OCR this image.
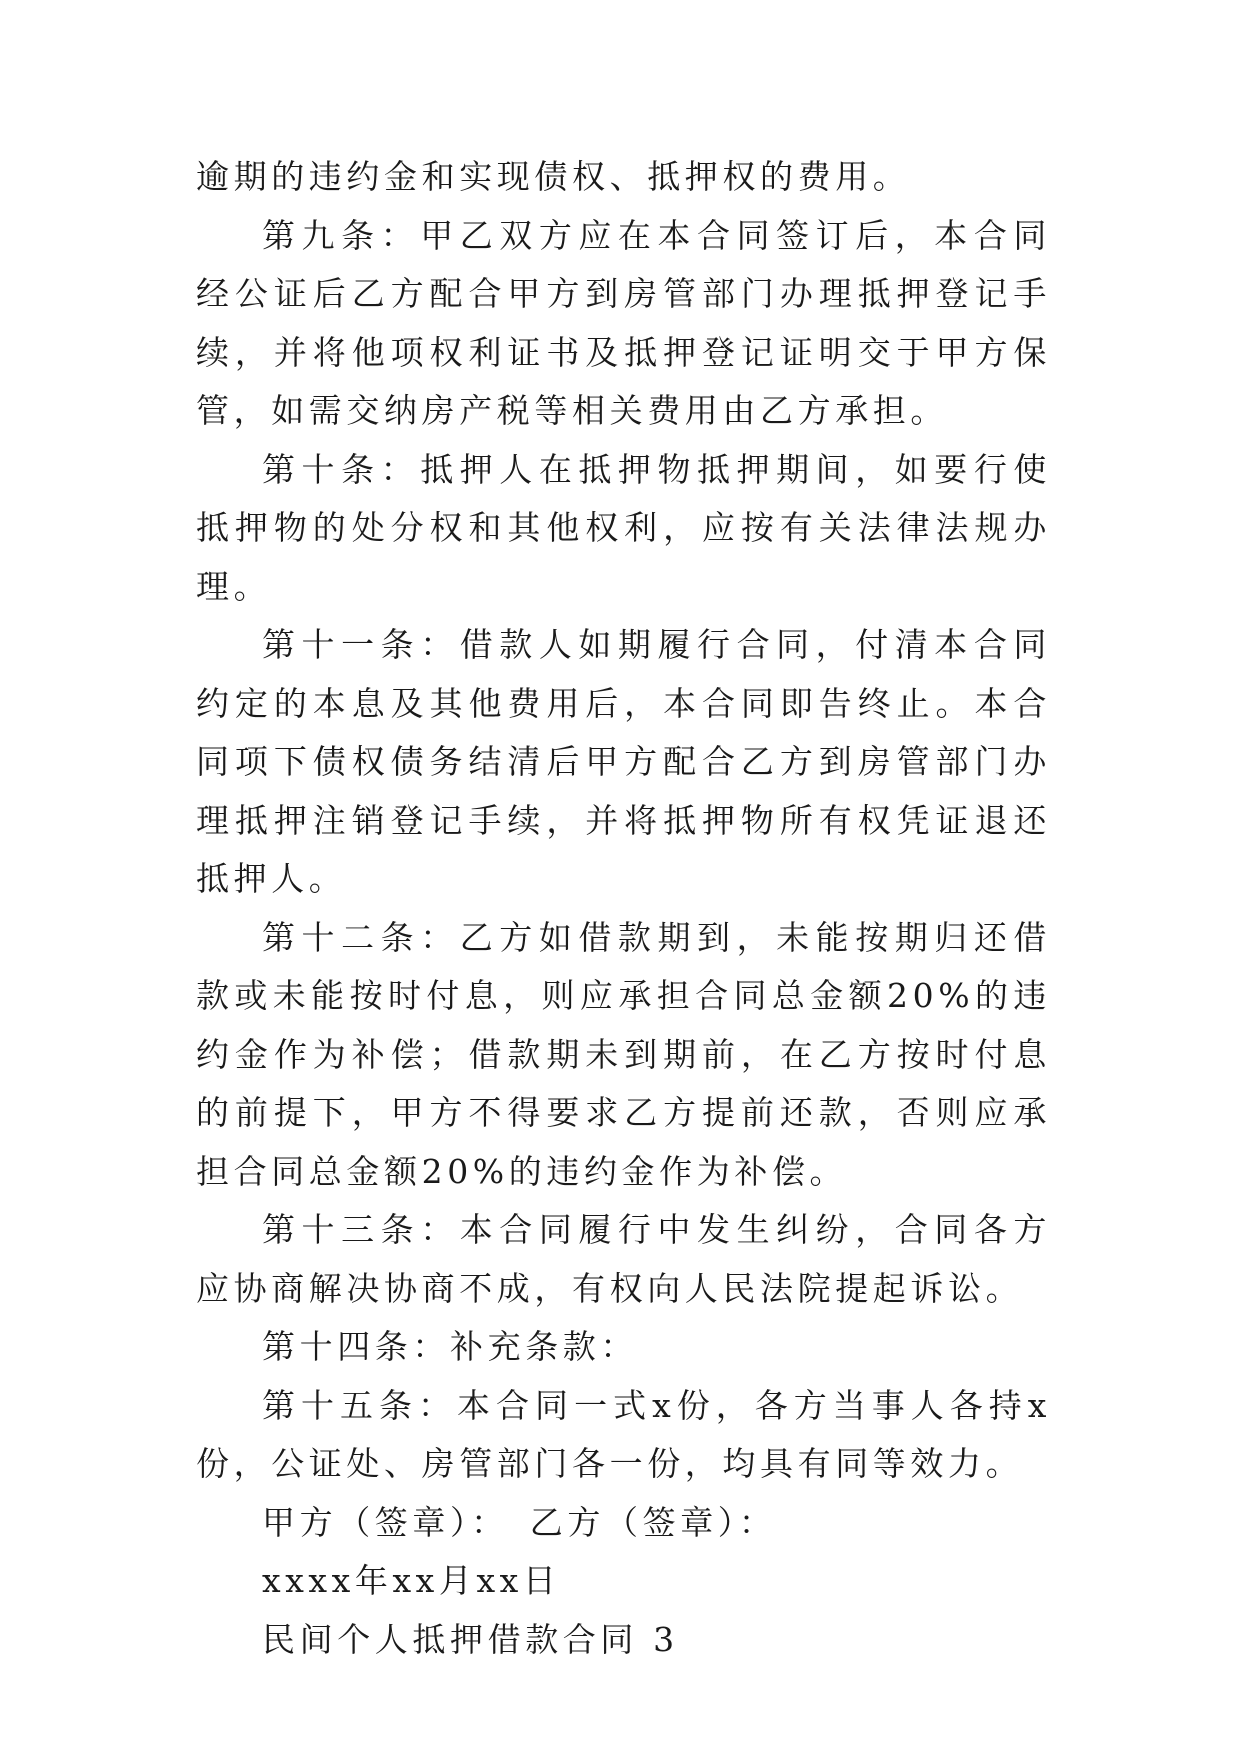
逾期的违约金和实现债权、抵押权的费用。

第九条：甲乙双方应在本合同签订后，本合同经公证后乙方配合甲方到房管部门办理抵押登记手续，并将他项权利证书及抵押登记证明交于甲方保管，如需交纳房产税等相关费用由乙方承担。

第十条：抵押人在抵押物抵押期间，如要行使抵押物的处分权和其他权利，应按有关法律法规办理。

第十一条：借款人如期履行合同，付清本合同约定的本息及其他费用后，本合同即告终止。本合同项下债权债务结清后甲方配合乙方到房管部门办理抵押注销登记手续，并将抵押物所有权凭证退还抵押人。

第十二条：乙方如借款期到，未能按期归还借款或未能按时付息，则应承担合同总金额20%的违约金作为补偿；借款期未到期前，在乙方按时付息的前提下，甲方不得要求乙方提前还款，否则应承担合同总金额20%的违约金作为补偿。

第十三条：本合同履行中发生纠纷，合同各方应协商解决协商不成，有权向人民法院提起诉讼。

第十四条：补充条款：

第十五条：本合同一式x份，各方当事人各持x份，公证处、房管部门各一份，均具有同等效力。

甲方（签章）：　乙方（签章）：

xxxx年xx月xx日

民间个人抵押借款合同 3
